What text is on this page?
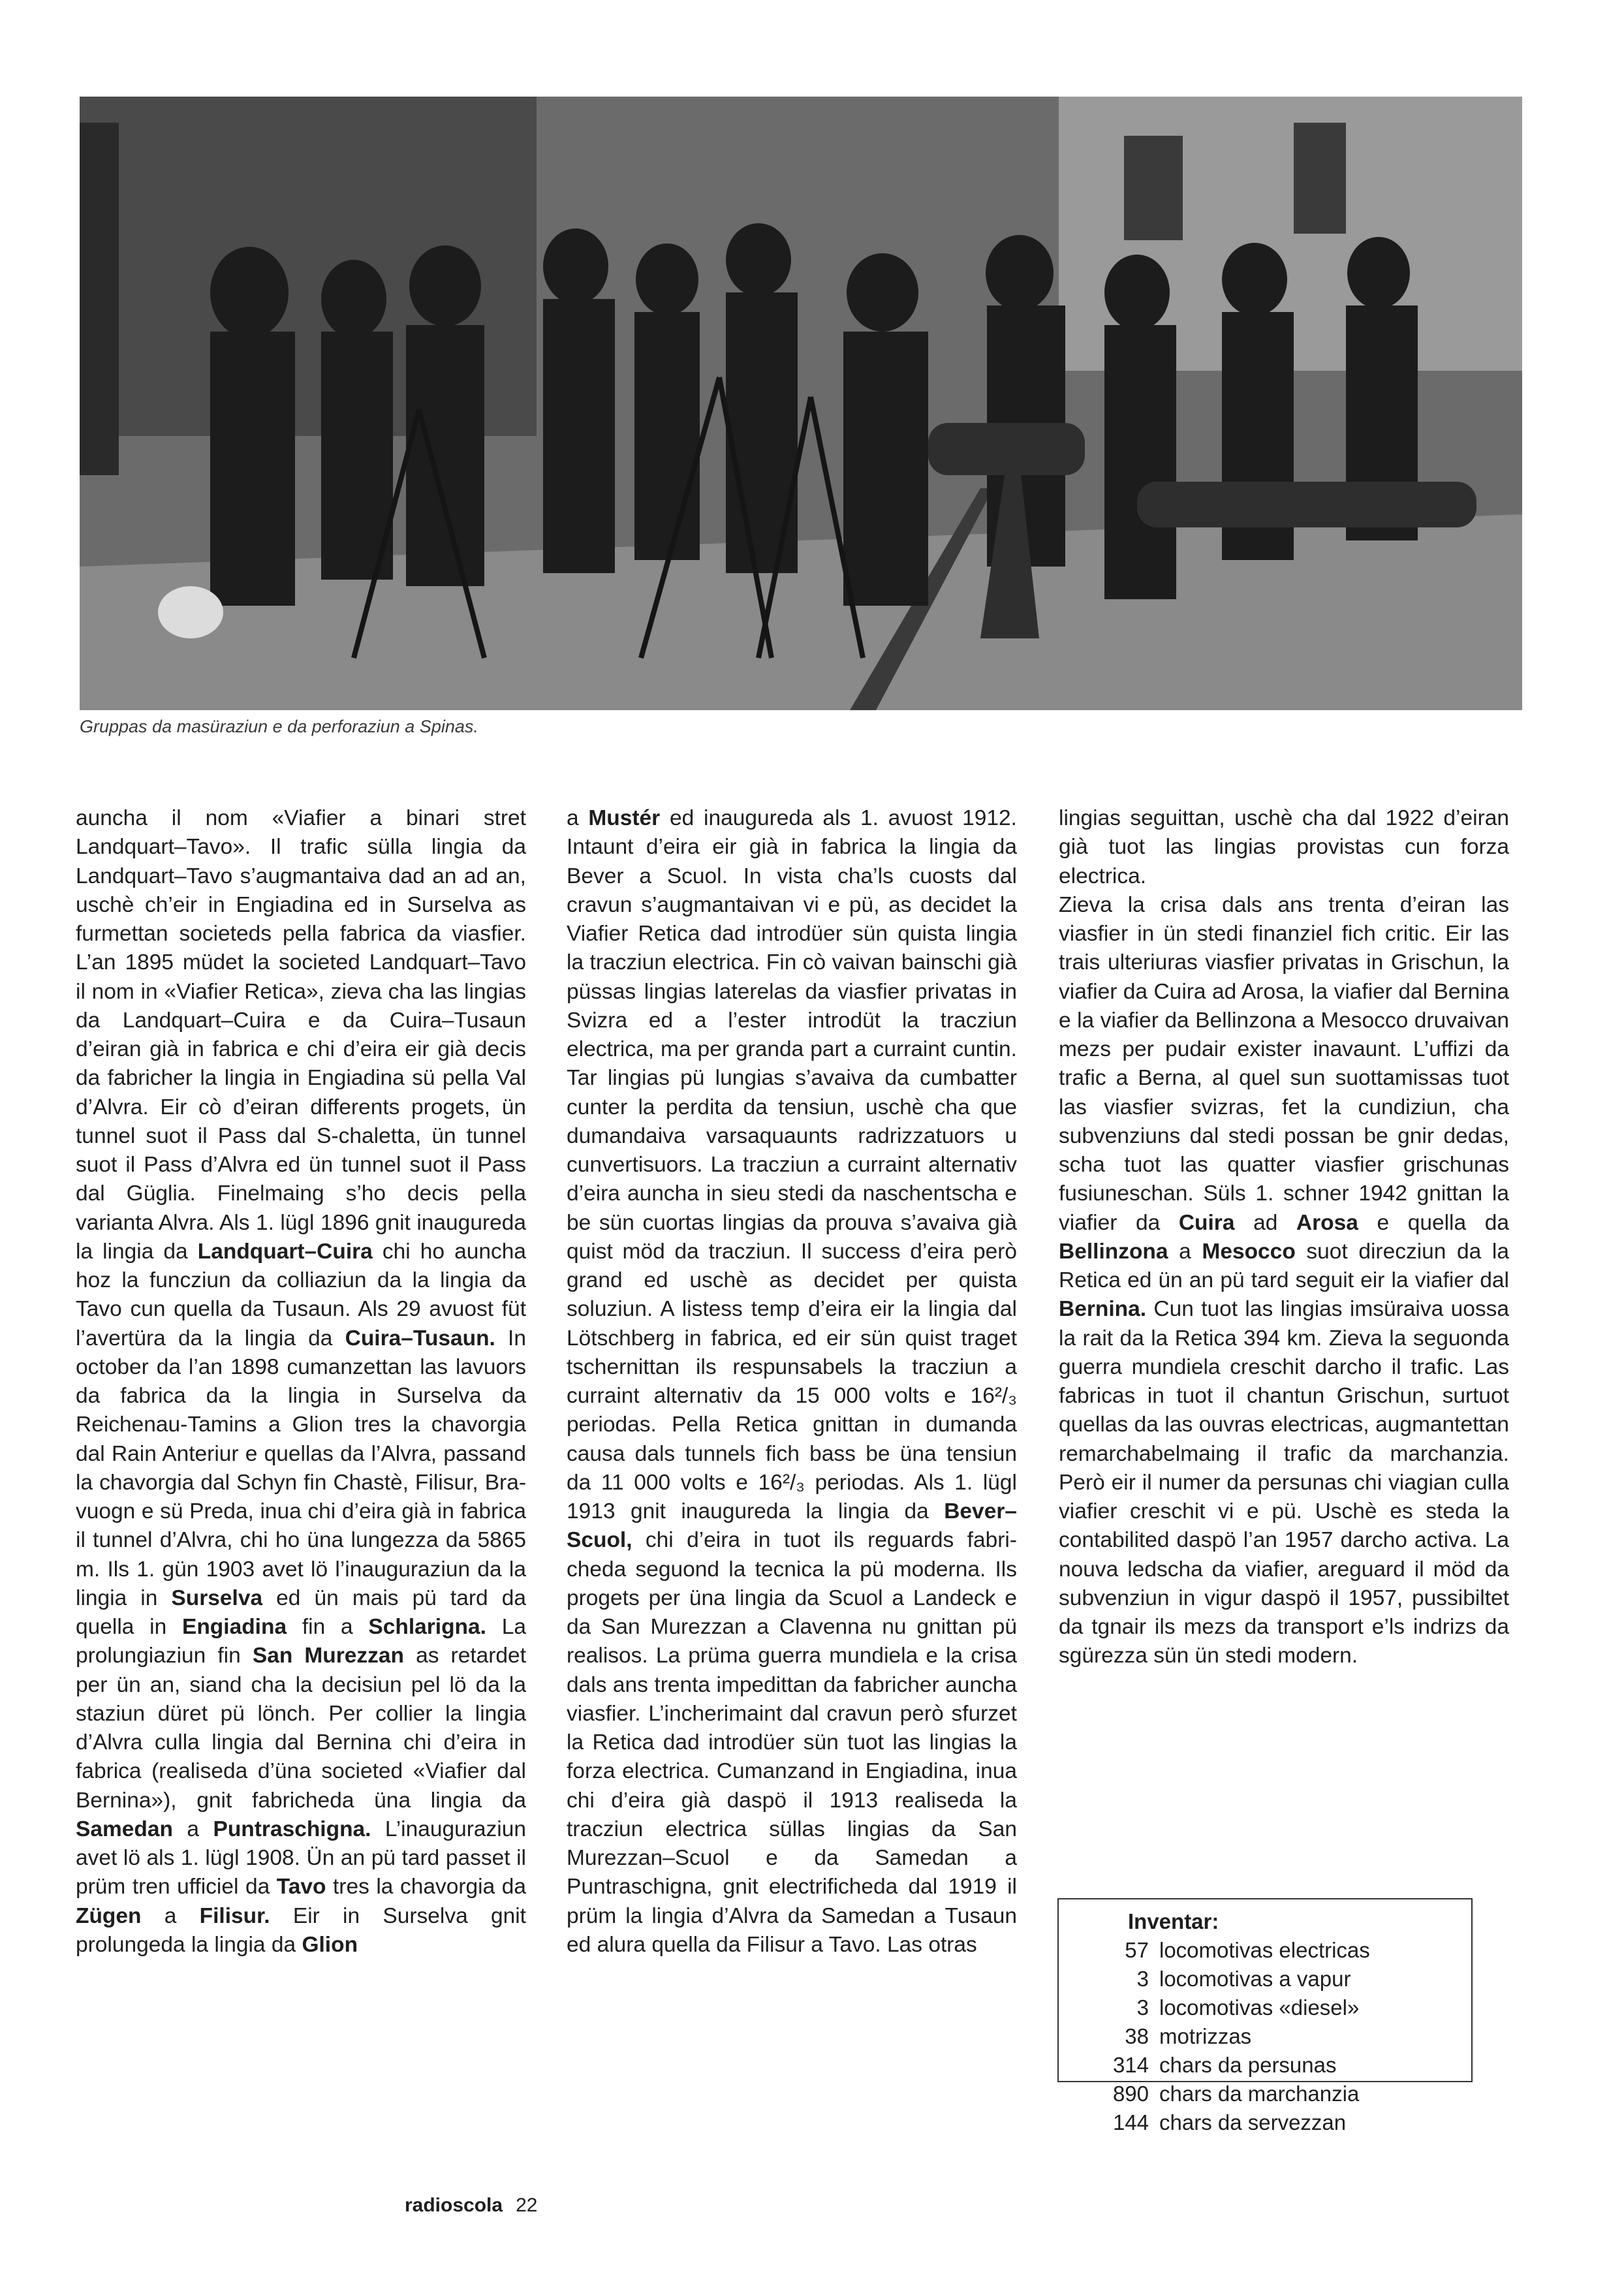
Gruppas da masüraziun e da perforaziun a Spinas.

auncha il nom «Viafier a binari stret Landquart–Tavo». Il trafic sülla lingia da Landquart–Tavo s’augmantaiva dad an ad an, uschè ch’eir in Engiadina ed in Surselva as furmettan societeds pella fabrica da viasfier. L’an 1895 müdet la societed Landquart–Tavo il nom in «Viafier Retica», zieva cha las lingias da Landquart–Cuira e da Cuira–Tusaun d’eiran già in fabrica e chi d’eira eir già decis da fabricher la lingia in Engiadina sü pella Val d’Alvra. Eir cò d’eiran differents progets, ün tunnel suot il Pass dal S-chaletta, ün tunnel suot il Pass d’Alvra ed ün tunnel suot il Pass dal Güglia. Finelmaing s’ho decis pella varianta Alvra. Als 1. lügl 1896 gnit inaugureda la lingia da Landquart–Cuira chi ho auncha hoz la funcziun da colliaziun da la lingia da Tavo cun quella da Tusaun. Als 29 avuost füt l’avertüra da la lingia da Cuira–Tusaun. In october da l’an 1898 cumanzettan las lavuors da fabrica da la lingia in Surselva da Reichenau-Tamins a Glion tres la chavorgia dal Rain Anteriur e quellas da l’Alvra, passand la chavorgia dal Schyn fin Chastè, Filisur, Bravuogn e sü Preda, inua chi d’eira già in fabrica il tunnel d’Alvra, chi ho üna lungezza da 5865 m. Ils 1. gün 1903 avet lö l’inauguraziun da la lingia in Surselva ed ün mais pü tard da quella in Engiadina fin a Schlarigna. La prolungiaziun fin San Murezzan as retardet per ün an, siand cha la decisiun pel lö da la staziun düret pü lönch. Per collier la lingia d’Alvra culla lingia dal Bernina chi d’eira in fabrica (realiseda d’üna societed «Viafier dal Bernina»), gnit fabricheda üna lingia da Samedan a Puntraschigna. L’inauguraziun avet lö als 1. lügl 1908. Ün an pü tard passet il prüm tren ufficiel da Tavo tres la chavorgia da Zügen a Filisur. Eir in Surselva gnit prolungeda la lingia da Glion

a Mustér ed inaugureda als 1. avuost 1912. Intaunt d’eira eir già in fabrica la lingia da Bever a Scuol. In vista cha’ls cuosts dal cravun s’augmantaivan vi e pü, as decidet la Viafier Retica dad introdüer sün quista lingia la tracziun electrica. Fin cò vaivan bainschi già püssas lingias laterelas da viasfier privatas in Svizra ed a l’ester introdüt la tracziun electrica, ma per granda part a curraint cuntin. Tar lingias pü lungias s’avaiva da cumbatter cunter la perdita da tensiun, uschè cha que dumandaiva varsaquaunts radrizzatuors u cunvertisuors. La tracziun a curraint alternativ d’eira auncha in sieu stedi da naschentscha e be sün cuortas lingias da prouva s’avaiva già quist möd da tracziun. Il success d’eira però grand ed uschè as decidet per quista soluziun. A listess temp d’eira eir la lingia dal Lötschberg in fabrica, ed eir sün quist traget tschernittan ils respunsabels la tracziun a curraint alternativ da 15 000 volts e 16²/₃ periodas. Pella Retica gnittan in dumanda causa dals tunnels fich bass be üna tensiun da 11 000 volts e 16²/₃ periodas. Als 1. lügl 1913 gnit inaugureda la lingia da Bever–Scuol, chi d’eira in tuot ils reguards fabricheda seguond la tecnica la pü moderna. Ils progets per üna lingia da Scuol a Landeck e da San Murezzan a Clavenna nu gnittan pü realisos. La prüma guerra mundiela e la crisa dals ans trenta impedittan da fabricher auncha viasfier. L’incherimaint dal cravun però sfurzet la Retica dad introdüer sün tuot las lingias la forza electrica. Cumanzand in Engiadina, inua chi d’eira già daspö il 1913 realiseda la tracziun electrica süllas lingias da San Murezzan–Scuol e da Samedan a Puntraschigna, gnit electrificheda dal 1919 il prüm la lingia d’Alvra da Samedan a Tusaun ed alura quella da Filisur a Tavo. Las otras

lingias seguittan, uschè cha dal 1922 d’eiran già tuot las lingias provistas cun forza electrica.
Zieva la crisa dals ans trenta d’eiran las viasfier in ün stedi finanziel fich critic. Eir las trais ulteriuras viasfier privatas in Grischun, la viafier da Cuira ad Arosa, la viafier dal Bernina e la viafier da Bellinzona a Mesocco druvaivan mezs per pudair exister inavaunt. L’uffizi da trafic a Berna, al quel sun suottamissas tuot las viasfier svizras, fet la cundiziun, cha subvenziuns dal stedi possan be gnir dedas, scha tuot las quatter viasfier grischunas fusiuneschan. Süls 1. schner 1942 gnittan la viafier da Cuira ad Arosa e quella da Bellinzona a Mesocco suot direcziun da la Retica ed ün an pü tard seguit eir la viafier dal Bernina. Cun tuot las lingias imsüraiva uossa la rait da la Retica 394 km. Zieva la seguonda guerra mundiela creschit darcho il trafic. Las fabricas in tuot il chantun Grischun, surtuot quellas da las ouvras electricas, augmantettan remarchabelmaing il trafic da marchanzia. Però eir il numer da persunas chi viagian culla viafier creschit vi e pü. Uschè es steda la contabilited daspö l’an 1957 darcho activa. La nouva ledscha da viafier, areguard il möd da subvenziun in vigur daspö il 1957, pussibiltet da tgnair ils mezs da transport e’ls indrizs da sgürezza sün ün stedi modern.

Inventar:
57 locomotivas electricas
3 locomotivas a vapur
3 locomotivas «diesel»
38 motrizzas
314 chars da persunas
890 chars da marchanzia
144 chars da servezzan
radioscola 22
